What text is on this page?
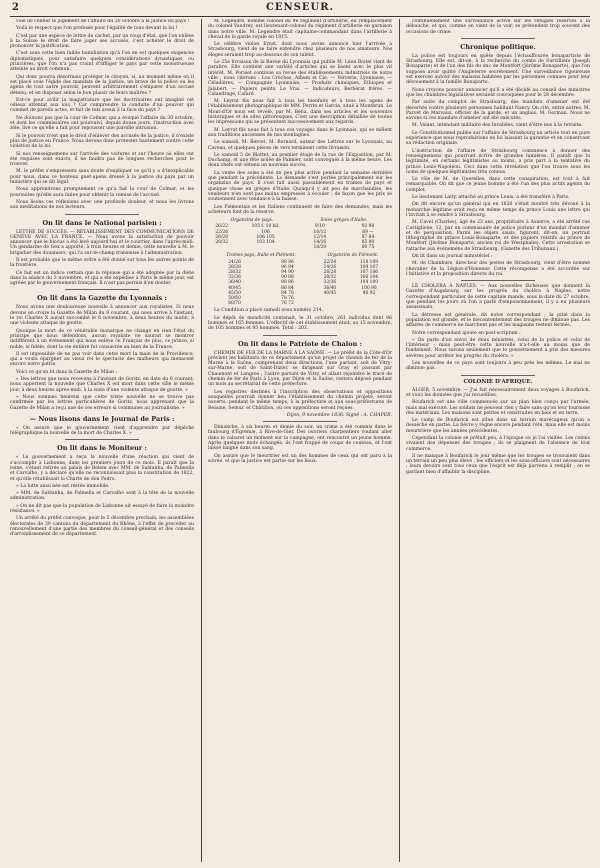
2	CENSEUR.

voie de confier le jugement de l'affaire du 20 octobre à la justice du pays !

Voilà le respect que l'on professe pour l'égalité de tous devant la loi !

C'est par une espèce de lettre de cachet, par un coup d'état, que l'on enlève à la Suisse le droit de faire juger ses accusés, c'est acheter le droit de prononcer la justification.

C'est sous cette bien faible humiliation qu'à l'on en est quelques exigences diplomatiques, pour satisfaire quelques considérations dynastiques, ou princières, que l'on n'a pas craint d'affliger le pays par cette monstrueuse atteinte au droit commun.

Qui donc pourra désormais protéger le citoyen, si, au moment même où il est placé sous l'égide des mandats de la justice, un brave de la police ou les agens de tout autre pouvoir, peuvent arbitrairement s'emparer d'un accusé détenu, et en disposer selon le bon plaisir de leurs maîtres ?

Est-ce pour avilir la magistrature que les doctrinaires ont imaginé cet odieux attentat aux lois ? Car comprendre la conduite d'un pouvoir qui commet de pareils actes, et fait de tels aveux à la face du pays ?

Ne doutons pas que la cour de Colmar, qui a évoqué l'affaire du 30 octobre, et dont les commissaires ont poursuivi, depuis douze jours, l'instruction avec zèle, live ce qu'elle a fait pour repousser une pareille intrusion.

Si le pouvoir n'est que le droit d'enlever des accusés de la justice, il n'existe plus de justice en France. Nous devons donc protester hautement contre cette violation de la loi.

Si nos renseignemens sur l'arrivée des voitures et sur l'heure où elles ont été requises sont exacts, il ne faudra pas de longues recherches pour le trouver.

M. le préfet s'empressera sans doute d'expliquer ce qu'il y a d'inexplicable pour nous, dans ce honteux guet-apens dressé à la justice du pays par un ministère qui se dit légal.

Nous apprendrons promptement ce qu'a fait la cour de Colmar, et les poursuites qu'elle aura faites pour obtenir la remise de l'accusé.

Nous lisons ces réflexions avec une profonde douleur, et nous les livrons aux méditations de nos lecteurs.

On lit dans le National parisien :

LETTRE DE SUCCÈS. — RÉTABLISSEMENT DES COMMUNICATIONS DE GENÈVE AVEC LA FRANCE. — Nous avons la satisfaction de pouvoir annoncer que le blocus a été levé aujourd'hui et le courrier, dans l'après-midi. Un gendarme de Gex a apporté, à trois heures et demie, cette nouvelle à M. le brigadier des douaniers, qui l'a sur-le-champ transmise à l'administration.

Il est probable que le même ordre a été donné sur tous les autres points de la frontière.

Ce fait est un indice certain que la réponse qui a été adoptée par la diète dans la séance du 3 novembre, et qui a été expédiée à Paris le même jour, est agréée par le gouvernement français. Il n'est pas permis d'en douter.

On lit dans la Gazette du Lyonnais :

Nous avons une douloureuse nouvelle à annoncer aux royalistes. Si nous devons en croire la Gazette de Milan du 9 courant, qui nous arrive à l'instant, le roi Charles X aurait succombé le 6 novembre, à deux heures du matin, à une violente attaque de goutte.

Quoique la mort de ce vénérable monarque ne change en rien l'état du principe que nous défendons, aucun royaliste ne saurait se montrer indifférent à un événement qui nous enlève ce Français de plus, ce prince, si noble, si fidèle, dont la vie entière fut consacrée au bien de la France.

Il est impossible de ne pas voir dans cette mort la main de la Providence, qui a voulu épargner au vieux roi le spectacle des malheurs qui menacent encore notre patrie.

Voici ce qu'on lit dans la Gazette de Milan :

« Des lettres que nous recevons à l'instant de Goritz, en date du 6 courant, nous apportent la nouvelle que Charles X est mort dans cette ville le même jour, à deux heures après-midi, à la suite d'une violente attaque de goutte. »

« Nous sommes heureux que cette triste nouvelle ne se trouve pas confirmée par les lettres particulières de Goritz, nous apprenant que la Gazette de Milan a reçu une de ces erreurs si communes au journalisme. »

— Nous lisons dans le Journal de Paris :

« On assure que le gouvernement vient d'apprendre par dépêche télégraphique la nouvelle de la mort de Charles X. »

On lit dans le Moniteur :

« Le gouvernement a reçu la nouvelle d'une réaction qui vient de s'accomplir à Lisbonne, dans les premiers jours de ce mois. Il paraît que la reine, s'étant retirée au palais de Belem avec MM. de Saldanha, de Palmella et Carvalho, y a déclaré qu'elle ne reconnaissait plus la constitution de 1822, et qu'elle rétablissait la Charte de don Pedro.

» La lutte ainsi née est restée immobile.

» MM. de Saldanha, de Palmella et Carvalho sont à la tête de la nouvelle administration.

» On ne dit pas que la population de Lisbonne ait essayé de faire la moindre résistance. »

Un arrêté du préfet convoque, pour le 5 décembre prochain, les assemblées électorales de 39 cantons du département du Rhône, à l'effet de procéder au renouvellement d'une partie des membres du conseil-général et des conseils d'arrondissement de ce département.

M. Legendre, nommé colonel du 9e régiment d'artillerie, en remplacement du colonel Vaudrey, est lieutenant-colonel du régiment d'artillerie en garnison dans notre ville. M. Legendre était capitaine-commandant dans l'artillerie à cheval de la garde royale en 1815.

Le célèbre violon Ernst, dont nous avons annoncé hier l'arrivée à Strasbourg, vient de se faire entendre chez plusieurs de nos amateurs. Nos éloges seraient trop au-dessous de son talent.

Le 25e livraison de la Revue du Lyonnais qui publie M. Léon Boitel vient de paraître. Elle contient une variété d'articles qui se lisent avec le plus vif intérêt. M. Poriset continue sa revue des établissements industriels de notre ville ; nous citerons : Les Crèches, Album et Cie. — Verrerie, Lyonnaise, — Céladières, — Compagnie Lyonnaise, — Produits chimiques, Ethiopes et Jalabert. — Papiers peints. Le Vrai. — Indicateurs, Berbérat frères. — Calandrage, Cafard.

M. Leyrat fils nous fait à tous les bienfaits et à tous les agens de l'établissement photographique de MM. Perrin et Garcia, situé à Montbrun. Le Mont-d'Or nous est révélé, par M. Béha, dans ses articles et les souvenirs historiques et de sites pittoresques. C'est une description détaillée de toutes les impressions qui se présentent successivement aux regards.

M. Leyrat fils nous fait à tous ces voyages dans le Lyonnais, qui se mêlent aux traditions anciennes de nos montagnes.

Le samedi, M. Bercet, M. Bernard, auteur des Lettres sur le Lyonnais, au Caveau, et quelques pièces de vers terminent cette livraison.

Le samedi 5 de Blottet, au premier étage de la rue de l'Exposition, par M. Duchamp, et une fête isolée de Palmier, sont convoqués à la même heure. Les deux chefs ont obtenu un nouveau succès.

La vente des soies a été un peu plus active pendant la semaine dernière que pendant la précédente. La demande s'est portée principalement sur les organzins de pays. Il s'est fait aussi passablement en trames de pays et quelque chose en grèges d'Italie. Quoiqu'il y ait peu de marchandise, les vendeurs n'en sont pas moins empressés à écouler ; de façon que les prix se soutiennent avec tendance à la baisse.

Les Piémontais et les Italiens continuent de faire des demandes, mais les acheteurs font de la réserve.

Organzins de pays.		Soies grèges d'Italie.	
26/22	105 f. 10 kil.	9/10	92 90
22/26	106	10/12	89 —
26/28	106 105	12/14	87 84
28/32	103 104	14/16	85 80
		16/20	80 75
Trames pays, Italie et Piémont.		Organzins de Piémont.	
24/26	98 96	22/24	110 109
26/28	96 94	24/26	109 107
28/32	94 90	26/28	107 106
32/36	90 88	28/32	106 104
36/40	88 86	32/36	104 100
40/45	86 84	36/40	100 96
45/50	84 78	40/45	96 92
50/60	78 76		
60/70	76 72		

La Condition a placé samedi sous numéro 214.

Le dépôt de mendicité contenait, le 31 octobre, 261 individus dont 96 hommes et 165 femmes. L'effectif de cet établissement était, au 15 novembre, de 105 hommes et 95 hommes. Total : 203.

On lit dans le Patriote de Chalon :

CHEMIN DE FER DE LA MARNE À LA SAÔNE. — Le préfet de la Côte-d'Or prévient les habitants de ce département qu'un projet de chemin de fer de la Marne à la Saône, comprenant deux directions, l'une partant, soit de Vitry-sur-Marne, soit de Saint-Dizier, se dirigeant sur Gray et passant par Chaumont et Langres ; l'autre partant de Vitry, et allant rejoindre le tracé de chemin de fer de Paris à Lyon, par Dijon et la Saône, restera déposé pendant un mois au secrétariat de cette préfecture.

Les registres destinés à l'inscription des observations et oppositions auxquelles pourrait donner lieu l'établissement du chemin projeté, seront ouverts, pendant le même temps, à la préfecture et aux sous-préfectures de Beaune, Semur, et Châtillon, où ces oppositions seront reçues.

Dijon, 9 novembre 1836. Signé : A. CHAPER.

Dimanche, à six heures et demie du soir, un crime a été commis dans le faubourg d'Égremie, à Rive-de-Gier. Des ouvriers charpentiers voulant aller dans le cabaret un moment sur la campagne, ont rencontré un jeune homme. Après quelques mots échangés, ils l'ont frappé de coups de couteau, et l'ont laissé baigné dans son sang.

On assure que le meurtrier est un des hommes de ceux qui ont paru à la soirée, et que la justice est partie sur les lieux.

continuellement une surveillance active sur les réfugiés réservés à la débauche, et qui, comme on vient de le voir, se prétendent trop souvent des occasions de crime.

Chronique politique.

La police est toujours en quête depuis l'échauffourée bonapartiste de Strasbourg. Elle est, dit-on, à la recherche du comte de Survilliers (Joseph Bonaparte) et de l'un des fils du duc de Montfort (Jérôme Bonaparte), que l'on suppose avoir quitté l'Angleterre secrètement. Une surveillance rigoureuse est exercée autour des maisons habitées par les personnes connues pour leur dévouement à la famille Bonaparte.

Nous croyons pouvoir annoncer qu'il a été décidé au conseil des ministres que les chambres législatives seraient convoquées pour le 28 décembre.

Par suite du complot de Strasbourg, des mandats d'amener ont été décernés contre plusieurs personnes habitant Nancy. On cite, entre autres, M. Parvet de Marvaux, officier de la garde, et un anglais, M. Gorman. Nous ne savons si ces mandats d'amener ont été exécutés.

M. Valant, intendant militaire des Invalides, vient d'être mis à la retraite.

Le Constitutionnel publie sur l'affaire de Strasbourg un article tout en pure expérience que nous reproduirions en lui laissant la garantie et en conservant sa rédaction originale.

L'instruction de l'affaire de Strasbourg commence à donner des renseignemens qui pourront écrire de grandes lumières. Il paraît que la légitimité, en certains légitimistes au moins, a pris part à la tentative du prince Louis-Napoléon. Ceci dans cette révélation que l'on trouve sous les noms de quelques légitimistes très connus.

Le rôle de M. de Querelles, dans cette conspiration, est tout à fait remarquable. On dit que ce jeune homme a été l'un des plus actifs agents du complot.

Le lieutenant Laity, attaché au prince Louis, a été transféré à Paris.

On dit encore qu'un général qui en 1830 s'était montré très dévoué à la monarchie légitime avait reçu en même temps du prince Louis une lettre qui l'invitait à se rendre à Strasbourg.

M. Cavel (Charles), âgé de 23 ans, propriétaire à Auxerre, a été arrêté rue Castiglione, 12, par un commissaire de police porteur d'un mandat d'amener et de perquisition. Parmi les objets saisis, figurent, dit-on, un portrait lithographié du prince Louis-Bonaparte, et des papiers relatifs au prince de Montfort (Jérôme Bonaparte, ancien roi de Westphalie). Cette arrestation se rattache aux événemens de Strasbourg. (Gazette des Tribunaux.)

On lit dans un journal ministériel :

M. de Chambure, directeur des postes de Strasbourg, vient d'être nommé chevalier de la Légion-d'Honneur. Cette récompense a été accordée sur l'initiative et la proposition directe du roi.

LE CHOLÉRA À NAPLES. — Aux nouvelles fâcheuses que donnent la Gazette d'Augsbourg sur les progrès du choléra à Naples, notre correspondant particulier de cette capitale mande, sous la date du 27 octobre, que pendant les jours où l'on a parlé d'empoisonnement, il y a eu plusieurs assassinats.

La détresse est générale, dit notre correspondant ; la pitié dans la population est grande, et le mécontentement des troupes ne diminue pas. Les affaires de commerce ne marchent pas et les magasins restent fermés.

Notre correspondant ajoute en post-scriptum :

« On parle d'un envoi de deux ministres, celui de la police et celui de l'intérieur ; mais peut-être cette nouvelle n'a-t-elle au moins que de fondement. Nous savons seulement que le gouvernement a pris des mesures sévères pour arrêter les progrès du choléra. »

Les nouvelles de ce pays sont toujours à peu près les mêmes. Le mal ne diminue pas.

COLONIE D'AFRIQUE.

ALGER, 5 novembre. — J'ai fait nécessairement deux voyages à Boufarick, et voici les données que j'ai recueillies.

Boufarick est une ville commencée sur un plan bien conçu par l'armée, mais mal exécuté. Les soldats ne peuvent rien y faire sans qu'on leur fournisse des matériaux. Les maisons sont petites et construites en bois et en terre.

Le camp de Boufarick est situé dans un terrain marécageux qu'on a desséché en partie. La fièvre y règne encore pendant l'été, mais elle est moins meurtrière que les années précédentes.

Cependant la colonie se prêtait peu, à l'époque ou je l'ai visitée. Les colons vivaient des dépenses des troupes ; ils se plaignent de l'absence de tout commerce.

Il ne manque à Boufarick le jour même que les troupes se trouvaient dans un terrain un peu plus élevé ; les officiers et les sous-officiers sont nécessaires ; leurs devoirs sont tous ceux que l'esprit est déjà parvenu à remplir ; en se gardant bien d'affaiblir la discipline.
